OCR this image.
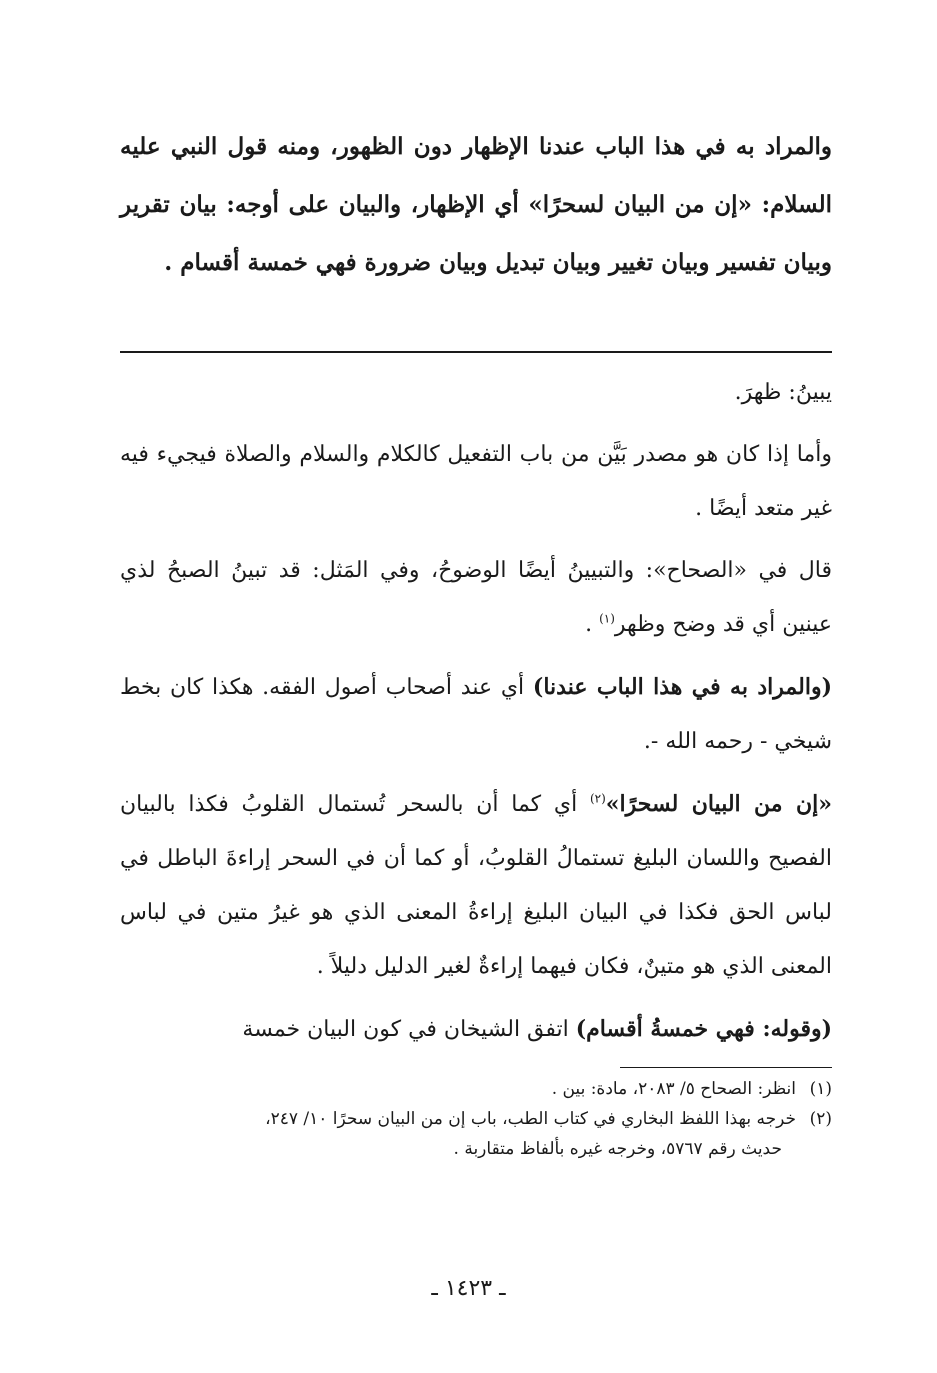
والمراد به في هذا الباب عندنا الإظهار دون الظهور، ومنه قول النبي عليه السلام: «إن من البيان لسحرًا» أي الإظهار، والبيان على أوجه: بيان تقرير وبيان تفسير وبيان تغيير وبيان تبديل وبيان ضرورة فهي خمسة أقسام .

يبينُ: ظهرَ.

وأما إذا كان هو مصدر بَيَّن من باب التفعيل كالكلام والسلام والصلاة فيجيء فيه غير متعد أيضًا .

قال في «الصحاح»: والتبيينُ أيضًا الوضوحُ، وفي المَثل: قد تبينُ الصبحُ لذي عينين أي قد وضح وظهر$^{(١)}$ .

(والمراد به في هذا الباب عندنا) أي عند أصحاب أصول الفقه. هكذا كان بخط شيخي - رحمه الله -.

«إن من البيان لسحرًا»$^{(٢)}$ أي كما أن بالسحر تُستمال القلوبُ فكذا بالبيان الفصيح واللسان البليغ تستمالُ القلوبُ، أو كما أن في السحر إراءةَ الباطل في لباس الحق فكذا في البيان البليغ إراءةُ المعنى الذي هو غيرُ متين في لباس المعنى الذي هو متينٌ، فكان فيهما إراءةٌ لغير الدليل دليلاً .

(وقوله: فهي خمسةُ أقسام) اتفق الشيخان في كون البيان خمسة

(١)انظر: الصحاح ٥/ ٢٠٨٣، مادة: بين .

(٢)خرجه بهذا اللفظ البخاري في كتاب الطب، باب إن من البيان سحرًا ١٠/ ٢٤٧،

حديث رقم ٥٧٦٧، وخرجه غيره بألفاظ متقاربة .

ـ ١٤٢٣ ـ
